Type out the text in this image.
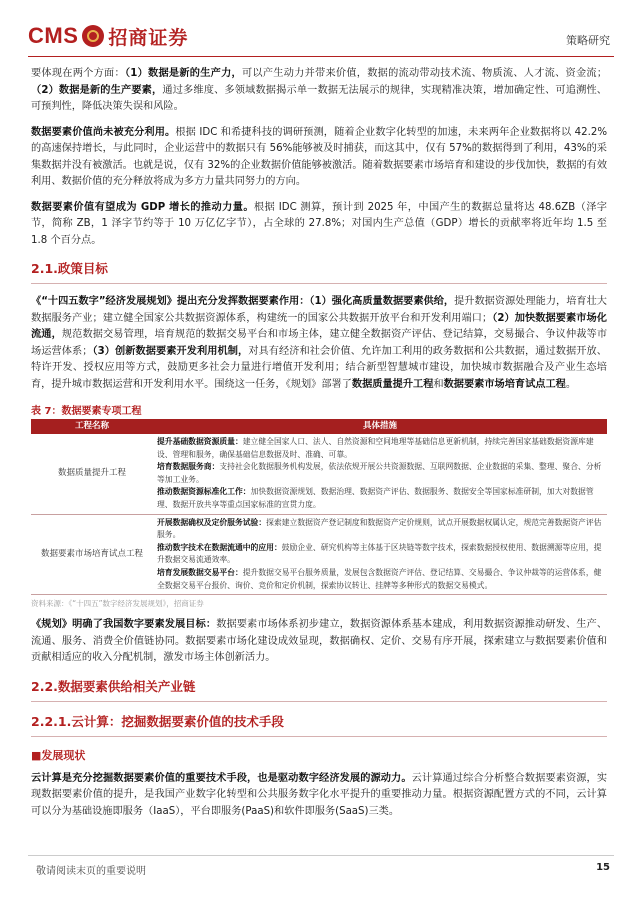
CMS 招商证券	策略研究

要体现在两个方面：（1）数据是新的生产力，可以产生动力并带来价值，数据的流动带动技术流、物质流、人才流、资金流；（2）数据是新的生产要素，通过多维度、多领域数据揭示单一数据无法展示的规律，实现精准决策，增加确定性、可追溯性、可预判性，降低决策失误和风险。

数据要素价值尚未被充分利用。根据 IDC 和希捷科技的调研预测，随着企业数字化转型的加速，未来两年企业数据将以 42.2%的高速保持增长，与此同时，企业运营中的数据只有 56%能够被及时捕获，而这其中，仅有 57%的数据得到了利用，43%的采集数据并没有被激活。也就是说，仅有 32%的企业数据价值能够被激活。随着数据要素市场培育和建设的步伐加快，数据的有效利用、数据价值的充分释放将成为多方力量共同努力的方向。

数据要素价值有望成为 GDP 增长的推动力量。根据 IDC 测算，预计到 2025 年，中国产生的数据总量将达 48.6ZB（泽字节，简称 ZB，1 泽字节约等于 10 万亿亿字节），占全球的 27.8%；对国内生产总值（GDP）增长的贡献率将近年均 1.5 至 1.8 个百分点。

2.1.政策目标

《“十四五数字”经济发展规划》提出充分发挥数据要素作用：（1）强化高质量数据要素供给，提升数据资源处理能力，培育壮大数据服务产业；建立健全国家公共数据资源体系，构建统一的国家公共数据开放平台和开发利用端口；（2）加快数据要素市场化流通，规范数据交易管理，培育规范的数据交易平台和市场主体，建立健全数据资产评估、登记结算，交易撮合、争议仲裁等市场运营体系；（3）创新数据要素开发利用机制，对具有经济和社会价值、允许加工利用的政务数据和公共数据，通过数据开放、特许开发、授权应用等方式，鼓励更多社会力量进行增值开发利用；结合新型智慧城市建设，加快城市数据融合及产业生态培育，提升城市数据运营和开发利用水平。围绕这一任务，《规划》部署了数据质量提升工程和数据要素市场培育试点工程。

表 7：数据要素专项工程
工程名称	具体措施
数据质量提升工程	提升基础数据资源质量：建立健全国家人口、法人、自然资源和空间地理等基础信息更新机制，持续完善国家基础数据资源库建设、管理和服务，确保基础信息数据及时、准确、可靠。

培育数据服务商：支持社会化数据服务机构发展，依法依规开展公共资源数据、互联网数据、企业数据的采集、整理、聚合、分析等加工业务。

推动数据资源标准化工作：加快数据资源规划、数据治理、数据资产评估、数据服务、数据安全等国家标准研制，加大对数据管理、数据开放共享等重点国家标准的宣贯力度。

数据要素市场培育试点工程	开展数据确权及定价服务试验：探索建立数据资产登记制度和数据资产定价规则，试点开展数据权属认定，规范完善数据资产评估服务。

推动数字技术在数据流通中的应用：鼓励企业、研究机构等主体基于区块链等数字技术，探索数据授权使用、数据溯源等应用，提升数据交易流通效率。

培育发展数据交易平台：提升数据交易平台服务质量，发展包含数据资产评估、登记结算、交易撮合、争议仲裁等的运营体系，健全数据交易平台报价、询价、竞价和定价机制，探索协议转让、挂牌等多种形式的数据交易模式。

资料来源：《“十四五”数字经济发展规划》，招商证券

《规划》明确了我国数字要素发展目标：数据要素市场体系初步建立，数据资源体系基本建成，利用数据资源推动研发、生产、流通、服务、消费全价值链协同。数据要素市场化建设成效显现，数据确权、定价、交易有序开展，探索建立与数据要素价值和贡献相适应的收入分配机制，激发市场主体创新活力。

2.2.数据要素供给相关产业链
2.2.1.云计算：挖掘数据要素价值的技术手段
■发展现状

云计算是充分挖掘数据要素价值的重要技术手段，也是驱动数字经济发展的源动力。云计算通过综合分析整合数据要素资源，实现数据要素价值的提升，是我国产业数字化转型和公共服务数字化水平提升的重要推动力量。根据资源配置方式的不同，云计算可以分为基础设施即服务（IaaS），平台即服务(PaaS)和软件即服务(SaaS)三类。

敬请阅读末页的重要说明	15
